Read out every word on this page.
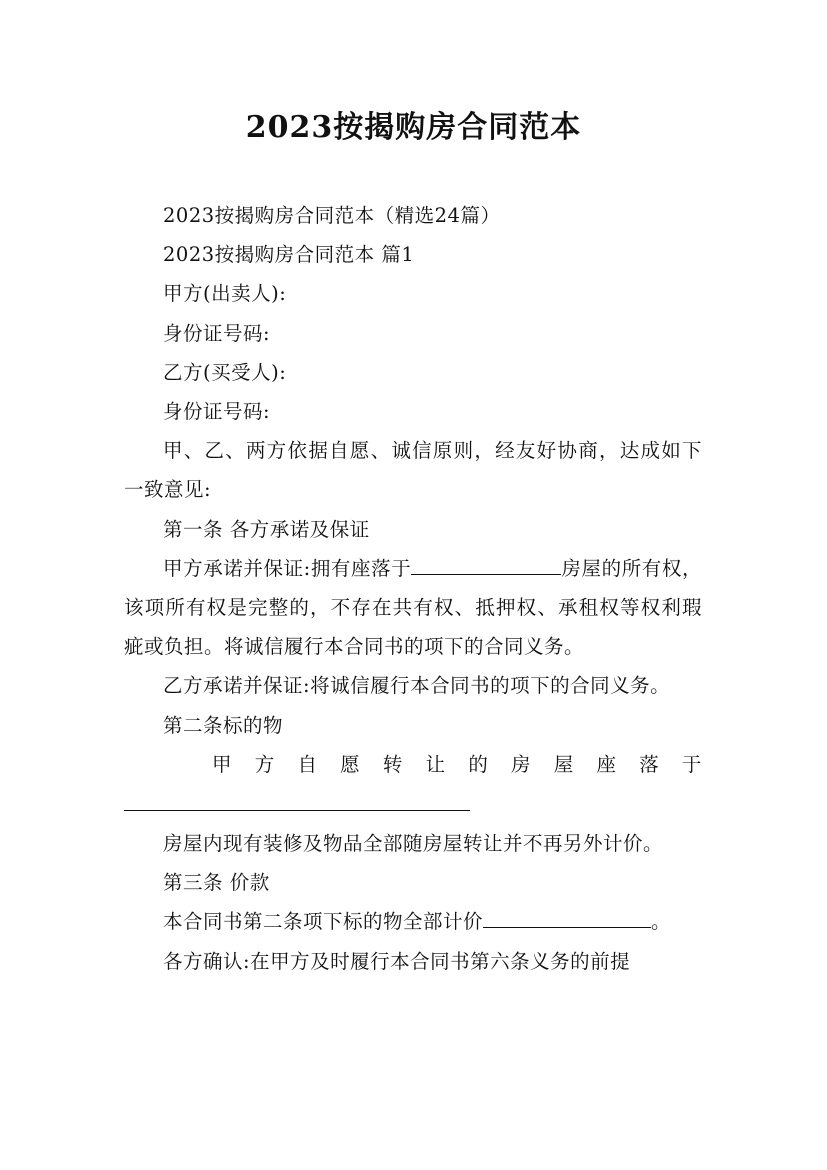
2023按揭购房合同范本

2023按揭购房合同范本（精选24篇）

2023按揭购房合同范本 篇1

甲方(出卖人):

身份证号码:

乙方(买受人):

身份证号码:

甲、乙、两方依据自愿、诚信原则，经友好协商，达成如下一致意见:

第一条 各方承诺及保证

甲方承诺并保证:拥有座落于	房屋的所有权，该项所有权是完整的，不存在共有权、抵押权、承租权等权利瑕疵或负担。将诚信履行本合同书的项下的合同义务。

乙方承诺并保证:将诚信履行本合同书的项下的合同义务。

第二条标的物

甲 方 自 愿 转 让 的 房 屋 座 落 于

房屋内现有装修及物品全部随房屋转让并不再另外计价。

第三条 价款

本合同书第二条项下标的物全部计价	。

各方确认:在甲方及时履行本合同书第六条义务的前提
